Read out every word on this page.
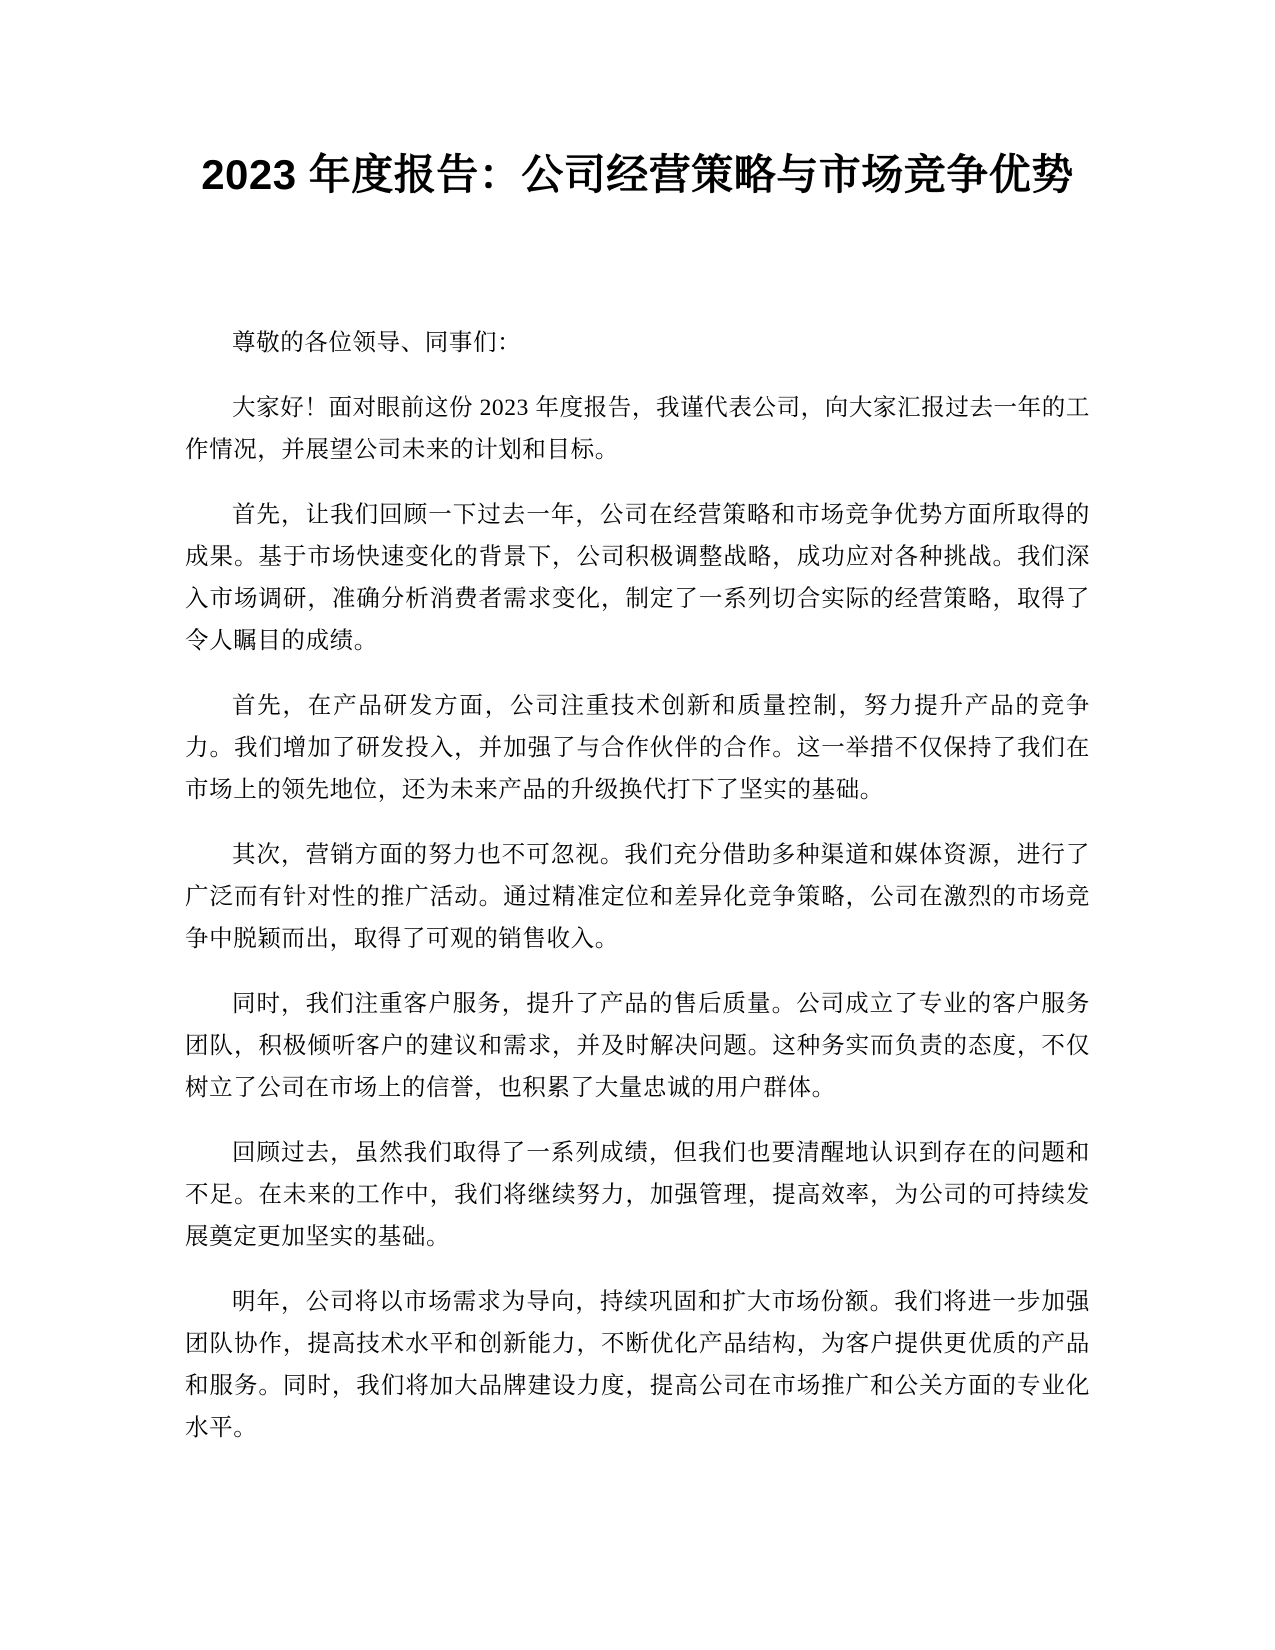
2023 年度报告：公司经营策略与市场竞争优势

尊敬的各位领导、同事们：

大家好！面对眼前这份 2023 年度报告，我谨代表公司，向大家汇报过去一年的工作情况，并展望公司未来的计划和目标。

首先，让我们回顾一下过去一年，公司在经营策略和市场竞争优势方面所取得的成果。基于市场快速变化的背景下，公司积极调整战略，成功应对各种挑战。我们深入市场调研，准确分析消费者需求变化，制定了一系列切合实际的经营策略，取得了令人瞩目的成绩。

首先，在产品研发方面，公司注重技术创新和质量控制，努力提升产品的竞争力。我们增加了研发投入，并加强了与合作伙伴的合作。这一举措不仅保持了我们在市场上的领先地位，还为未来产品的升级换代打下了坚实的基础。

其次，营销方面的努力也不可忽视。我们充分借助多种渠道和媒体资源，进行了广泛而有针对性的推广活动。通过精准定位和差异化竞争策略，公司在激烈的市场竞争中脱颖而出，取得了可观的销售收入。

同时，我们注重客户服务，提升了产品的售后质量。公司成立了专业的客户服务团队，积极倾听客户的建议和需求，并及时解决问题。这种务实而负责的态度，不仅树立了公司在市场上的信誉，也积累了大量忠诚的用户群体。

回顾过去，虽然我们取得了一系列成绩，但我们也要清醒地认识到存在的问题和不足。在未来的工作中，我们将继续努力，加强管理，提高效率，为公司的可持续发展奠定更加坚实的基础。

明年，公司将以市场需求为导向，持续巩固和扩大市场份额。我们将进一步加强团队协作，提高技术水平和创新能力，不断优化产品结构，为客户提供更优质的产品和服务。同时，我们将加大品牌建设力度，提高公司在市场推广和公关方面的专业化水平。
